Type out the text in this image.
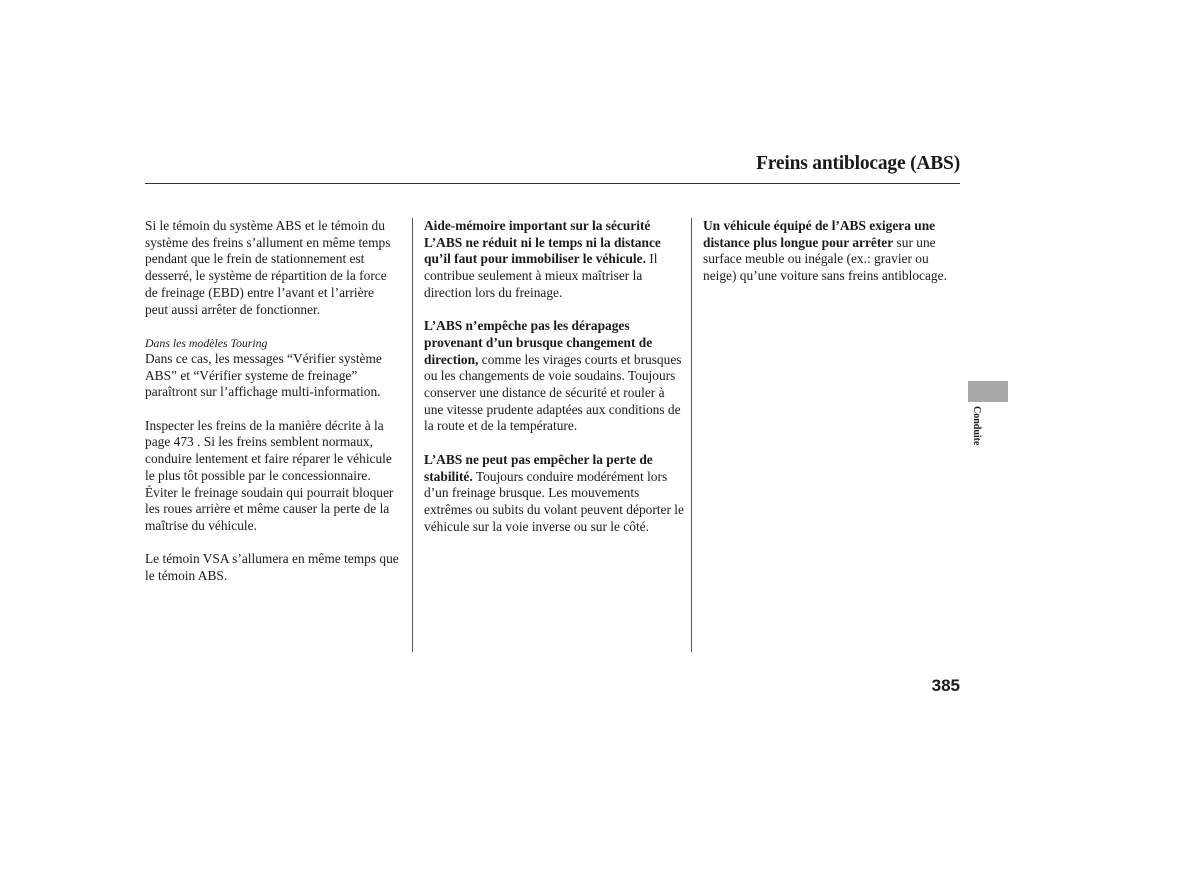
Freins antiblocage (ABS)

Si le témoin du système ABS et le témoin du système des freins s’allument en même temps pendant que le frein de stationnement est desserré, le système de répartition de la force de freinage (EBD) entre l’avant et l’arrière peut aussi arrêter de fonctionner.

Dans les modèles Touring
Dans ce cas, les messages “Vérifier système ABS” et “Vérifier systeme de freinage” paraîtront sur l’affichage multi-information.

Inspecter les freins de la manière décrite à la page 473 . Si les freins semblent normaux, conduire lentement et faire réparer le véhicule le plus tôt possible par le concessionnaire. Éviter le freinage soudain qui pourrait bloquer les roues arrière et même causer la perte de la maîtrise du véhicule.

Le témoin VSA s’allumera en même temps que le témoin ABS.

Aide-mémoire important sur la sécurité
L’ABS ne réduit ni le temps ni la distance qu’il faut pour immobiliser le véhicule. Il contribue seulement à mieux maîtriser la direction lors du freinage.

L’ABS n’empêche pas les dérapages provenant d’un brusque changement de direction, comme les virages courts et brusques ou les changements de voie soudains. Toujours conserver une distance de sécurité et rouler à une vitesse prudente adaptées aux conditions de la route et de la température.

L’ABS ne peut pas empêcher la perte de stabilité. Toujours conduire modérément lors d’un freinage brusque. Les mouvements extrêmes ou subits du volant peuvent déporter le véhicule sur la voie inverse ou sur le côté.

Un véhicule équipé de l’ABS exigera une distance plus longue pour arrêter sur une surface meuble ou inégale (ex.: gravier ou neige) qu’une voiture sans freins antiblocage.

Conduite
385
